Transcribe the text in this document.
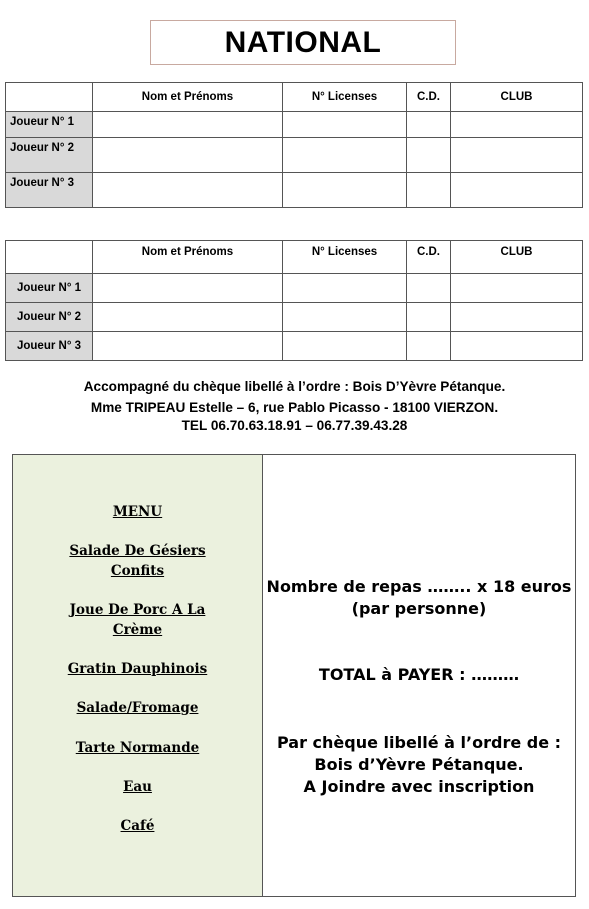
NATIONAL
	Nom et Prénoms	N° Licenses	C.D.	CLUB
Joueur N° 1				
Joueur N° 2				
Joueur N° 3				
	Nom et Prénoms	N° Licenses	C.D.	CLUB
Joueur N° 1				
Joueur N° 2				
Joueur N° 3				
Accompagné du chèque libellé à l’ordre : Bois D’Yèvre Pétanque.
Mme TRIPEAU Estelle – 6, rue Pablo Picasso - 18100 VIERZON.
TEL 06.70.63.18.91 – 06.77.39.43.28
MENU
Salade De Gésiers
Confits
Joue De Porc A La
Crème
Gratin Dauphinois
Salade/Fromage
Tarte Normande
Eau
Café
Nombre de repas …….. x 18 euros
(par personne)
TOTAL à PAYER : ………
Par chèque libellé à l’ordre de :
Bois d’Yèvre Pétanque.
A Joindre avec inscription
